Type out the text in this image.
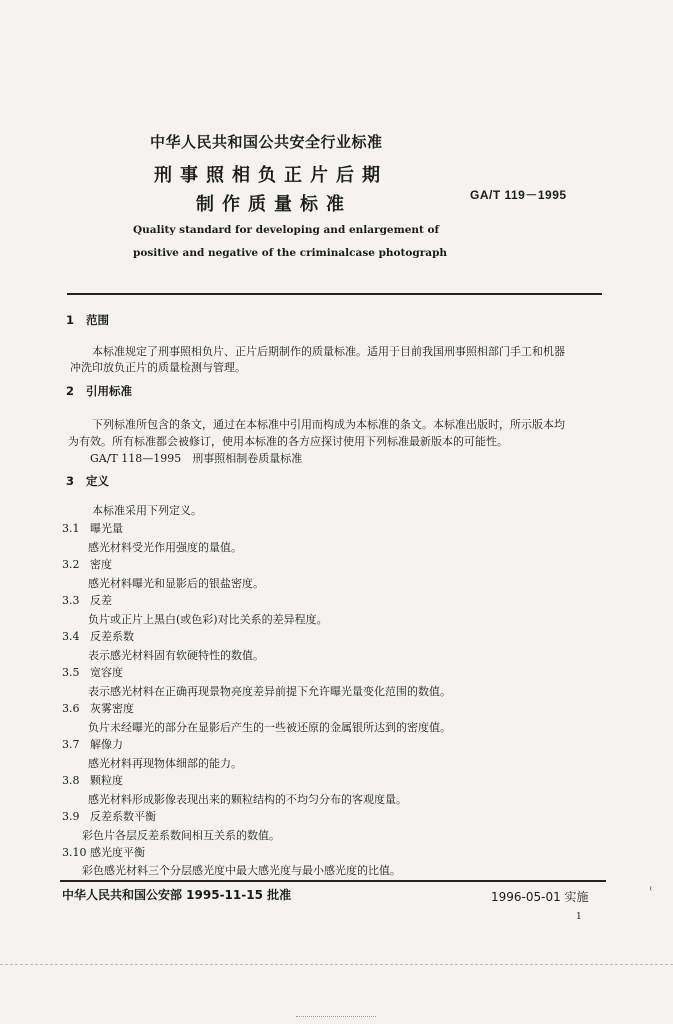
中华人民共和国公共安全行业标准
刑事照相负正片后期
制作质量标准	GA/T 119－1995
Quality standard for developing and enlargement of
positive and negative of the criminalcase photograph
1 范围
本标准规定了刑事照相负片、正片后期制作的质量标准。适用于目前我国刑事照相部门手工和机器
冲洗印放负正片的质量检测与管理。
2 引用标准
下列标准所包含的条文，通过在本标准中引用而构成为本标准的条文。本标准出版时，所示版本均
为有效。所有标准都会被修订，使用本标准的各方应探讨使用下列标准最新版本的可能性。
GA/T 118—1995　刑事照相制卷质量标准
3 定义
本标准采用下列定义。
3.1 曝光量
感光材料受光作用强度的量值。
3.2 密度
感光材料曝光和显影后的银盐密度。
3.3 反差
负片或正片上黑白(或色彩)对比关系的差异程度。
3.4 反差系数
表示感光材料固有软硬特性的数值。
3.5 宽容度
表示感光材料在正确再现景物亮度差异前提下允许曝光量变化范围的数值。
3.6 灰雾密度
负片未经曝光的部分在显影后产生的一些被还原的金属银所达到的密度值。
3.7 解像力
感光材料再现物体细部的能力。
3.8 颗粒度
感光材料形成影像表现出来的颗粒结构的不均匀分布的客观度量。
3.9 反差系数平衡
彩色片各层反差系数间相互关系的数值。
3.10 感光度平衡
彩色感光材料三个分层感光度中最大感光度与最小感光度的比值。
中华人民共和国公安部 1995-11-15 批准	1996-05-01 实施
1
